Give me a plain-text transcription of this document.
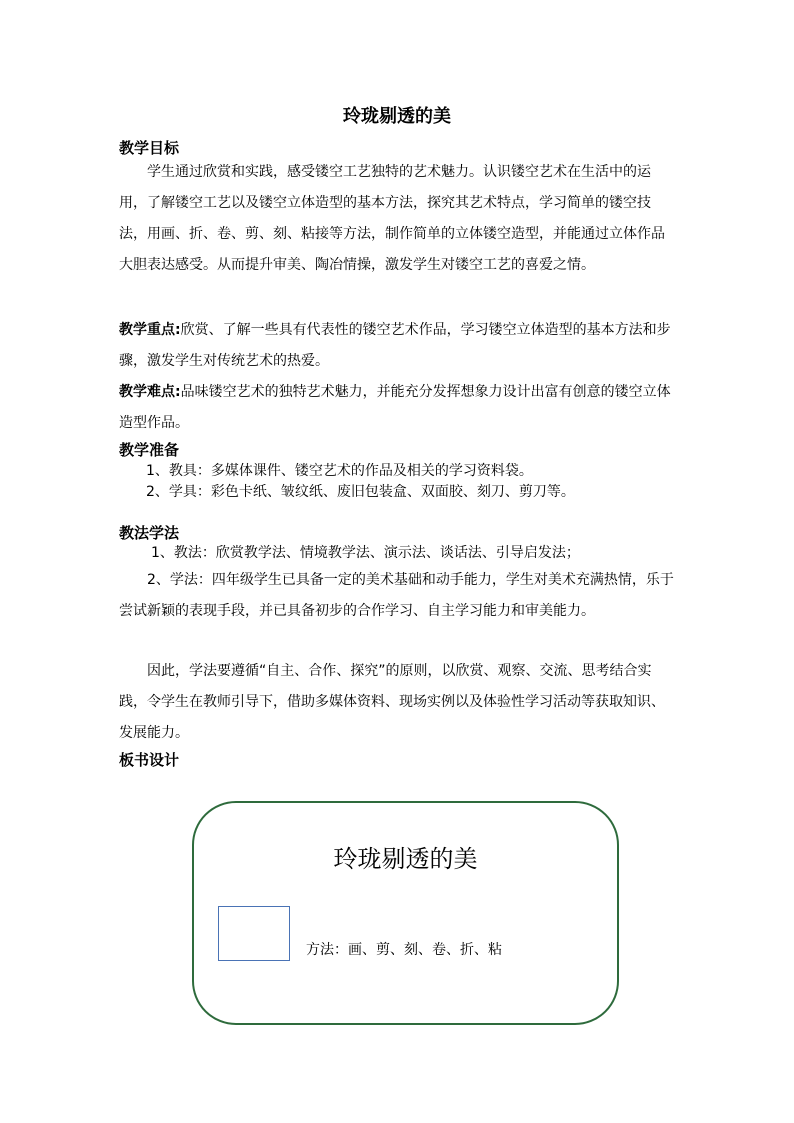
玲珑剔透的美
教学目标

学生通过欣赏和实践，感受镂空工艺独特的艺术魅力。认识镂空艺术在生活中的运用，了解镂空工艺以及镂空立体造型的基本方法，探究其艺术特点，学习简单的镂空技法，用画、折、卷、剪、刻、粘接等方法，制作简单的立体镂空造型，并能通过立体作品大胆表达感受。从而提升审美、陶冶情操，激发学生对镂空工艺的喜爱之情。

教学重点:欣赏、了解一些具有代表性的镂空艺术作品，学习镂空立体造型的基本方法和步骤，激发学生对传统艺术的热爱。

教学难点:品味镂空艺术的独特艺术魅力，并能充分发挥想象力设计出富有创意的镂空立体造型作品。

教学准备
1、教具：多媒体课件、镂空艺术的作品及相关的学习资料袋。
2、学具：彩色卡纸、皱纹纸、废旧包装盒、双面胶、刻刀、剪刀等。
教法学法
1、教法：欣赏教学法、情境教学法、演示法、谈话法、引导启发法；

2、学法：四年级学生已具备一定的美术基础和动手能力，学生对美术充满热情，乐于尝试新颖的表现手段，并已具备初步的合作学习、自主学习能力和审美能力。

因此，学法要遵循“自主、合作、探究”的原则，以欣赏、观察、交流、思考结合实践，令学生在教师引导下，借助多媒体资料、现场实例以及体验性学习活动等获取知识、发展能力。

板书设计
玲珑剔透的美
方法：画、剪、刻、卷、折、粘
